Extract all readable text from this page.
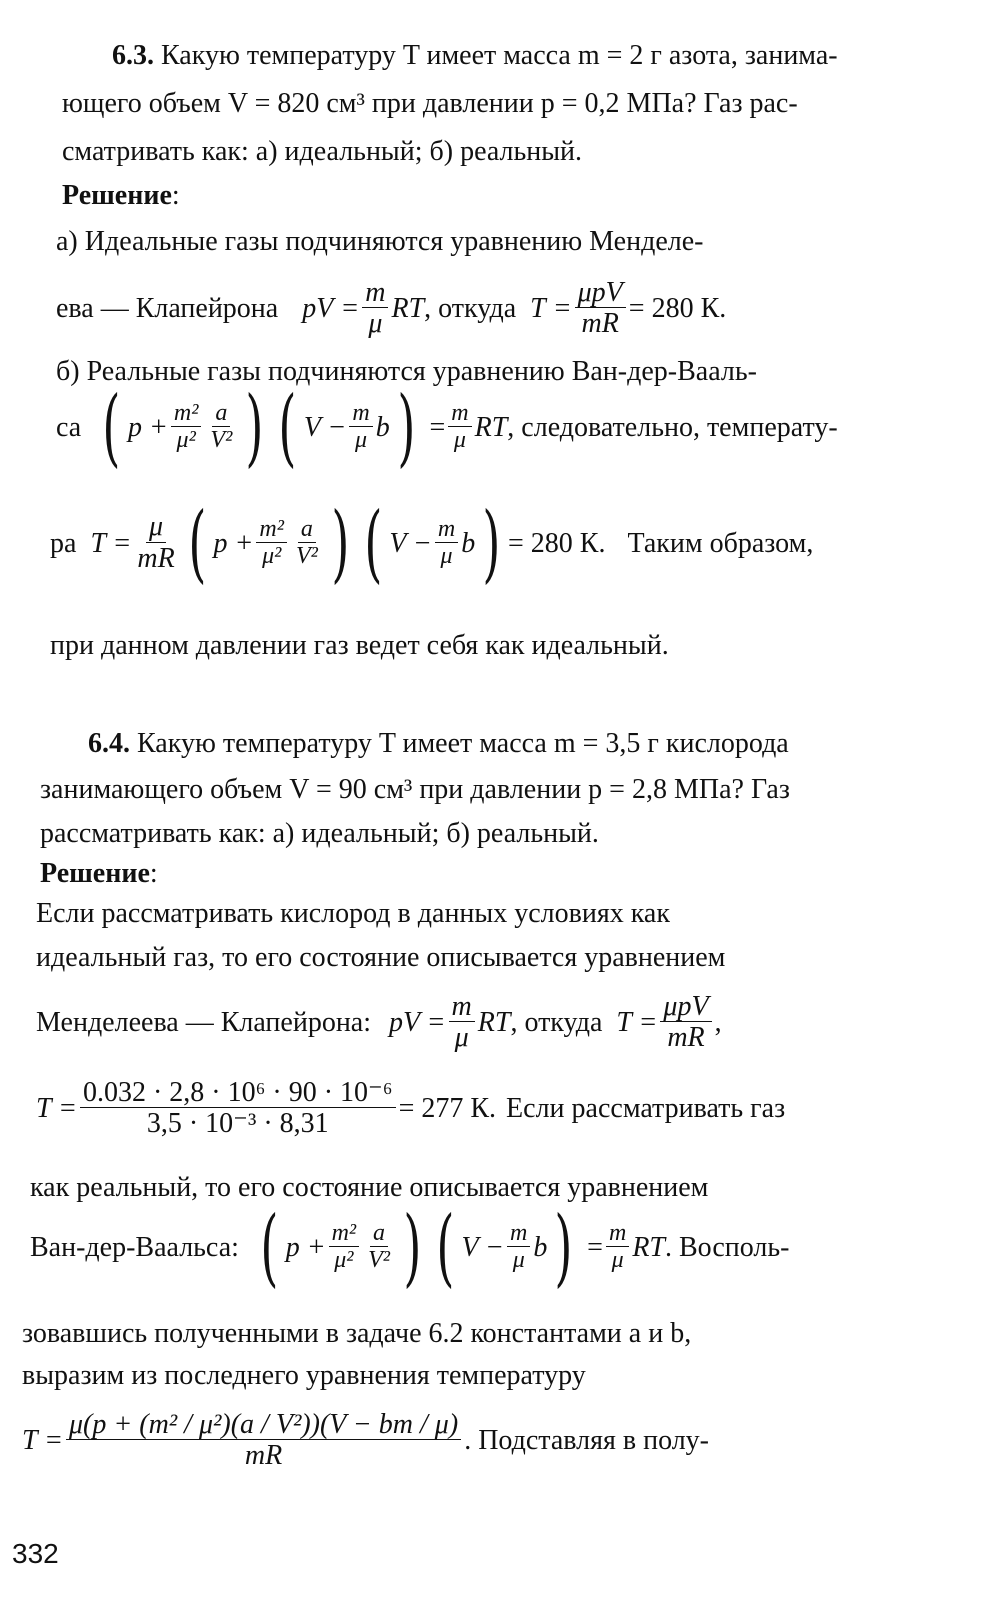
6.3. Какую температуру T имеет масса m = 2 г азота, занима-
ющего объем V = 820 см³ при давлении p = 0,2 МПа? Газ рас-
сматривать как: а) идеальный; б) реальный.
Решение:
а) Идеальные газы подчиняются уравнению Менделе-
ева — Клапейрона pV = $\frac{m}{\mu}$ RT , откуда $T = \frac{\text{μpV}}{mR} = 280$ К.
б) Реальные газы подчиняются уравнению Ван-дер-Вааль-
са ( $p + \frac{\text{m²}}{\text{μ²}} \frac{a}{\text{V²}}$ ) ( $V - \frac{m}{\mu}$ b ) = $\frac{m}{\mu}$ RT , следовательно, температу-
ра $T = \frac{\mu}{mR}$ ( $p + \frac{\text{m²}}{\text{μ²}} \frac{a}{\text{V²}}$ ) ( $V - \frac{m}{\mu}$ b ) = 280 К. Таким образом,
при данном давлении газ ведет себя как идеальный.
6.4. Какую температуру T имеет масса m = 3,5 г кислорода
занимающего объем V = 90 см³ при давлении p = 2,8 МПа? Газ
рассматривать как: а) идеальный; б) реальный.
Решение:
Если рассматривать кислород в данных условиях как
идеальный газ, то его состояние описывается уравнением
Менделеева — Клапейрона: pV = $\frac{m}{\mu}$ RT , откуда $T = \frac{\text{μpV}}{mR}$ ,
$T = \frac{\text{0.032 · 2,8 · 10⁶ · 90 · 10⁻⁶}}{\text{3,5 · 10⁻³ · 8,31}} = 277$ К. Если рассматривать газ
как реальный, то его состояние описывается уравнением
Ван-дер-Ваальса: ( $p + \frac{\text{m²}}{\text{μ²}} \frac{a}{\text{V²}}$ ) ( $V - \frac{m}{\mu}$ b ) = $\frac{m}{\mu}$ RT . Восполь-
зовавшись полученными в задаче 6.2 константами a и b,
выразим из последнего уравнения температуру
$T = \frac{\text{μ(p + (m² / μ²)(a / V²))(V − bm / μ)}}{mR}$ . Подставляя в полу-
332
